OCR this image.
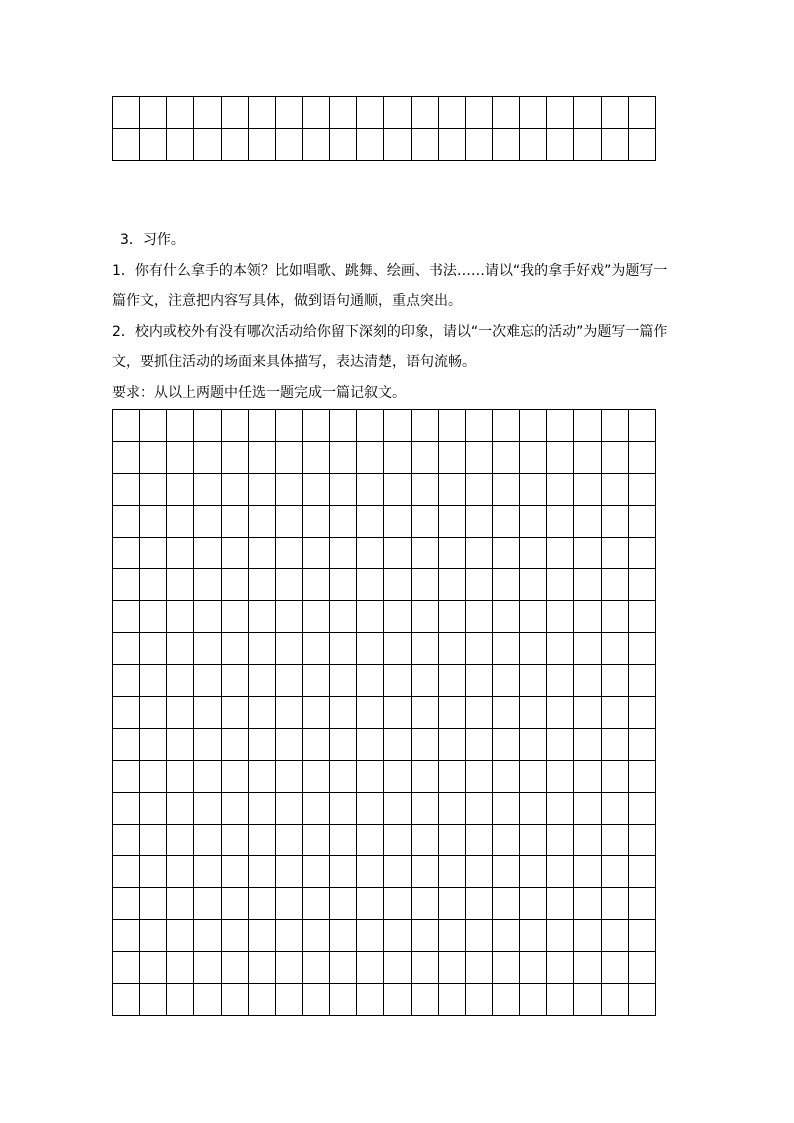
3．习作。

1．你有什么拿手的本领？比如唱歌、跳舞、绘画、书法……请以“我的拿手好戏”为题写一

篇作文，注意把内容写具体，做到语句通顺，重点突出。

2．校内或校外有没有哪次活动给你留下深刻的印象，请以“一次难忘的活动”为题写一篇作

文，要抓住活动的场面来具体描写，表达清楚，语句流畅。

要求：从以上两题中任选一题完成一篇记叙文。
